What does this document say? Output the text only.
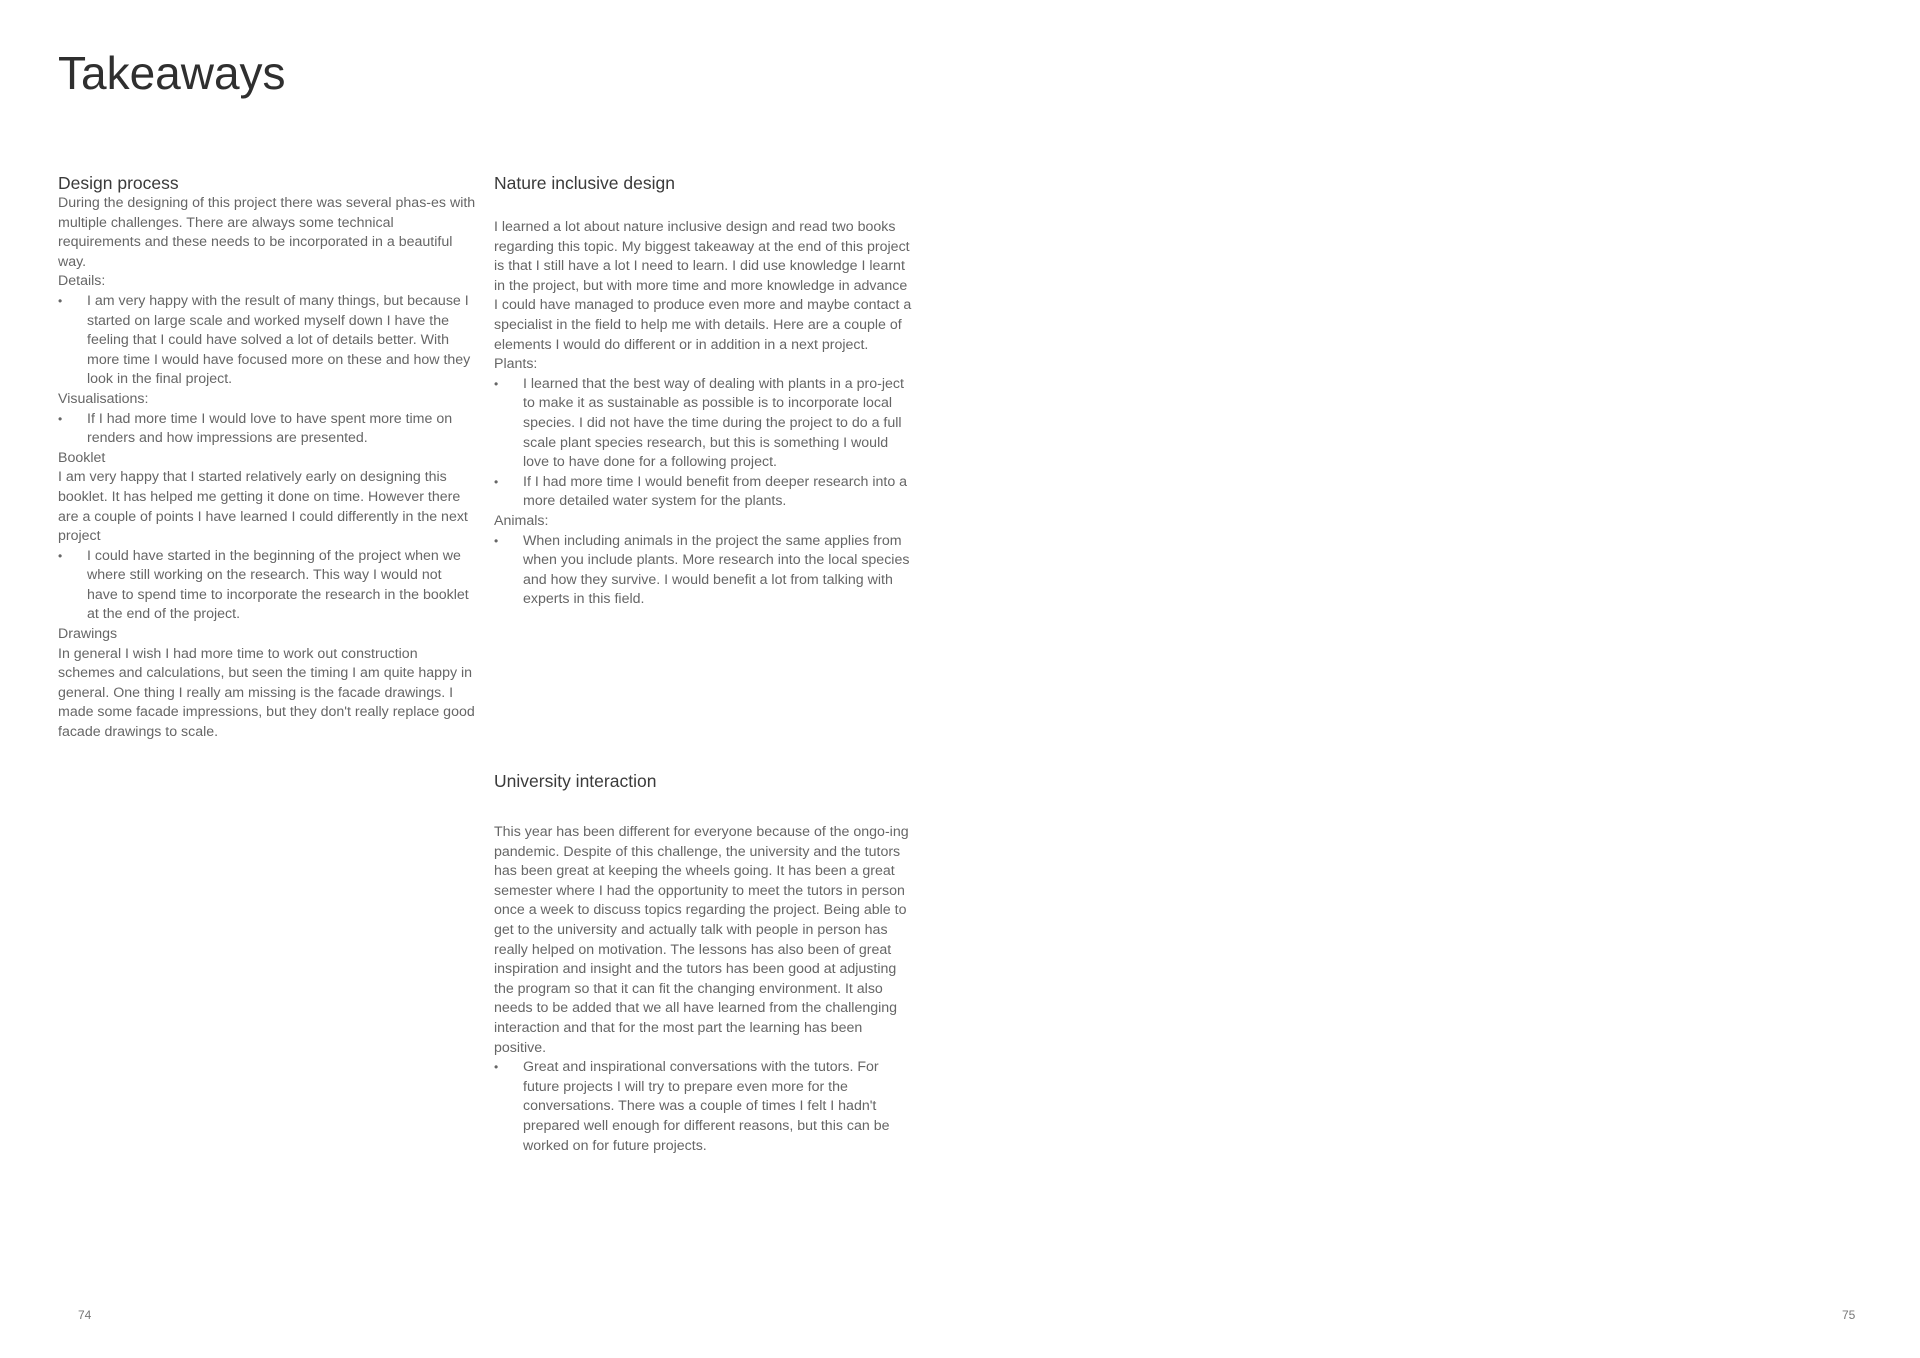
Takeaways
Design process

During the designing of this project there was several phas-es with multiple challenges. There are always some technical requirements and these needs to be incorporated in a beautiful way.

Details:

• I am very happy with the result of many things, but because I started on large scale and worked myself down I have the feeling that I could have solved a lot of details better. With more time I would have focused more on these and how they look in the final project.

Visualisations:

• If I had more time I would love to have spent more time on renders and how impressions are presented.

Booklet

I am very happy that I started relatively early on designing this booklet. It has helped me getting it done on time. However there are a couple of points I have learned I could differently in the next project

• I could have started in the beginning of the project when we where still working on the research. This way I would not have to spend time to incorporate the research in the booklet at the end of the project.

Drawings

In general I wish I had more time to work out construction schemes and calculations, but seen the timing I am quite happy in general. One thing I really am missing is the facade drawings. I made some facade impressions, but they don't really replace good facade drawings to scale.

Nature inclusive design

I learned a lot about nature inclusive design and read two books regarding this topic. My biggest takeaway at the end of this project is that I still have a lot I need to learn. I did use knowledge I learnt in the project, but with more time and more knowledge in advance I could have managed to produce even more and maybe contact a specialist in the field to help me with details. Here are a couple of elements I would do different or in addition in a next project.

Plants:

• I learned that the best way of dealing with plants in a pro-ject to make it as sustainable as possible is to incorporate local species. I did not have the time during the project to do a full scale plant species research, but this is something I would love to have done for a following project.
• If I had more time I would benefit from deeper research into a more detailed water system for the plants.

Animals:

• When including animals in the project the same applies from when you include plants. More research into the local species and how they survive. I would benefit a lot from talking with experts in this field.
University interaction

This year has been different for everyone because of the ongo-ing pandemic. Despite of this challenge, the university and the tutors has been great at keeping the wheels going. It has been a great semester where I had the opportunity to meet the tutors in person once a week to discuss topics regarding the project. Being able to get to the university and actually talk with people in person has really helped on motivation. The lessons has also been of great inspiration and insight and the tutors has been good at adjusting the program so that it can fit the changing environment. It also needs to be added that we all have learned from the challenging interaction and that for the most part the learning has been positive.

• Great and inspirational conversations with the tutors. For future projects I will try to prepare even more for the conversations. There was a couple of times I felt I hadn't prepared well enough for different reasons, but this can be worked on for future projects.
74	75
